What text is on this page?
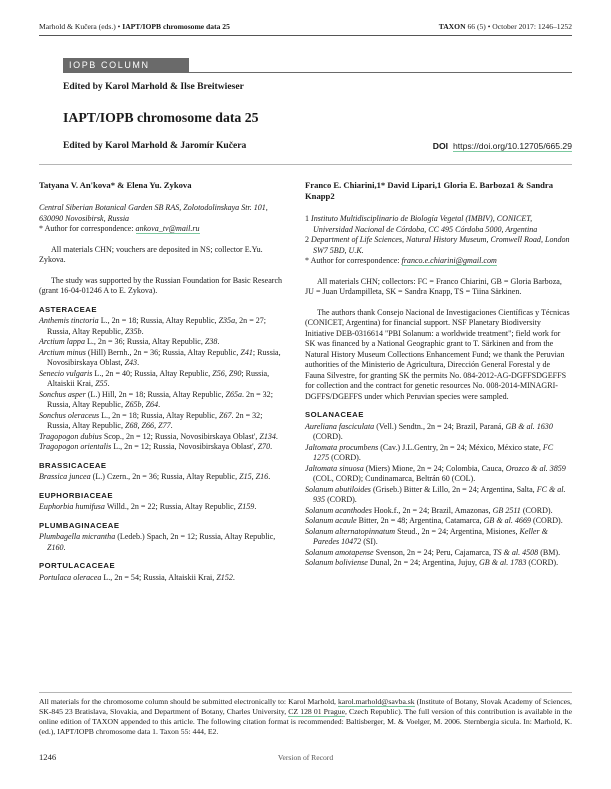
Marhold & Kučera (eds.) • IAPT/IOPB chromosome data 25	TAXON 66 (5) • October 2017: 1246–1252
IOPB COLUMN
Edited by Karol Marhold & Ilse Breitwieser
IAPT/IOPB chromosome data 25
Edited by Karol Marhold & Jaromír Kučera	DOI https://doi.org/10.12705/665.29

Tatyana V. An'kova* & Elena Yu. Zykova

Central Siberian Botanical Garden SB RAS, Zolotodolinskaya Str. 101, 630090 Novosibirsk, Russia

* Author for correspondence: ankova_tv@mail.ru

All materials CHN; vouchers are deposited in NS; collector E.Yu. Zykova.

The study was supported by the Russian Foundation for Basic Research (grant 16-04-01246 A to E. Zykova).

ASTERACEAE

Anthemis tinctoria L., 2n = 18; Russia, Altay Republic, Z35a, 2n = 27; Russia, Altay Republic, Z35b.

Arctium lappa L., 2n = 36; Russia, Altay Republic, Z38.

Arctium minus (Hill) Bernh., 2n = 36; Russia, Altay Republic, Z41; Russia, Novosibirskaya Oblast, Z43.

Senecio vulgaris L., 2n = 40; Russia, Altay Republic, Z56, Z90; Russia, Altaiskii Krai, Z55.

Sonchus asper (L.) Hill, 2n = 18; Russia, Altay Republic, Z65a. 2n = 32; Russia, Altay Republic, Z65b, Z64.

Sonchus oleraceus L., 2n = 18; Russia, Altay Republic, Z67. 2n = 32; Russia, Altay Republic, Z68, Z66, Z77.

Tragopogon dubius Scop., 2n = 12; Russia, Novosibirskaya Oblast', Z134.

Tragopogon orientalis L., 2n = 12; Russia, Novosibirskaya Oblast', Z70.

BRASSICACEAE

Brassica juncea (L.) Czern., 2n = 36; Russia, Altay Republic, Z15, Z16.

EUPHORBIACEAE

Euphorbia humifusa Willd., 2n = 22; Russia, Altay Republic, Z159.

PLUMBAGINACEAE

Plumbagella micrantha (Ledeb.) Spach, 2n = 12; Russia, Altay Republic, Z160.

PORTULACACEAE

Portulaca oleracea L., 2n = 54; Russia, Altaiskii Krai, Z152.

Franco E. Chiarini,1* David Lipari,1 Gloria E. Barboza1 & Sandra Knapp2

1 Instituto Multidisciplinario de Biología Vegetal (IMBIV), CONICET, Universidad Nacional de Córdoba, CC 495 Córdoba 5000, Argentina

2 Department of Life Sciences, Natural History Museum, Cromwell Road, London SW7 5BD, U.K.

* Author for correspondence: franco.e.chiarini@gmail.com

All materials CHN; collectors: FC = Franco Chiarini, GB = Gloria Barboza, JU = Juan Urdampilleta, SK = Sandra Knapp, TS = Tiina Särkinen.

The authors thank Consejo Nacional de Investigaciones Científicas y Técnicas (CONICET, Argentina) for financial support. NSF Planetary Biodiversity Initiative DEB-0316614 "PBI Solanum: a worldwide treatment"; field work for SK was financed by a National Geographic grant to T. Särkinen and from the Natural History Museum Collections Enhancement Fund; we thank the Peruvian authorities of the Ministerio de Agricultura, Dirección General Forestal y de Fauna Silvestre, for granting SK the permits No. 084-2012-AG-DGFFSDGEFFS for collection and the contract for genetic resources No. 008-2014-MINAGRI-DGFFS/DGEFFS under which Peruvian species were sampled.

SOLANACEAE

Aureliana fasciculata (Vell.) Sendtn., 2n = 24; Brazil, Paraná, GB & al. 1630 (CORD).

Jaltomata procumbens (Cav.) J.L.Gentry, 2n = 24; México, México state, FC 1275 (CORD).

Jaltomata sinuosa (Miers) Mione, 2n = 24; Colombia, Cauca, Orozco & al. 3859 (COL, CORD); Cundinamarca, Beltrán 60 (COL).

Solanum abutiloides (Griseb.) Bitter & Lillo, 2n = 24; Argentina, Salta, FC & al. 935 (CORD).

Solanum acanthodes Hook.f., 2n = 24; Brazil, Amazonas, GB 2511 (CORD).

Solanum acaule Bitter, 2n = 48; Argentina, Catamarca, GB & al. 4669 (CORD).

Solanum alternatopinnatum Steud., 2n = 24; Argentina, Misiones, Keller & Paredes 10472 (SI).

Solanum amotapense Svenson, 2n = 24; Peru, Cajamarca, TS & al. 4508 (BM).

Solanum boliviense Dunal, 2n = 24; Argentina, Jujuy, GB & al. 1783 (CORD).

All materials for the chromosome column should be submitted electronically to: Karol Marhold, karol.marhold@savba.sk (Institute of Botany, Slovak Academy of Sciences, SK-845 23 Bratislava, Slovakia, and Department of Botany, Charles University, CZ 128 01 Prague, Czech Republic). The full version of this contribution is available in the online edition of TAXON appended to this article. The following citation format is recommended: Baltisberger, M. & Voelger, M. 2006. Sternbergia sicula. In: Marhold, K. (ed.), IAPT/IOPB chromosome data 1. Taxon 55: 444, E2.
1246	Version of Record
